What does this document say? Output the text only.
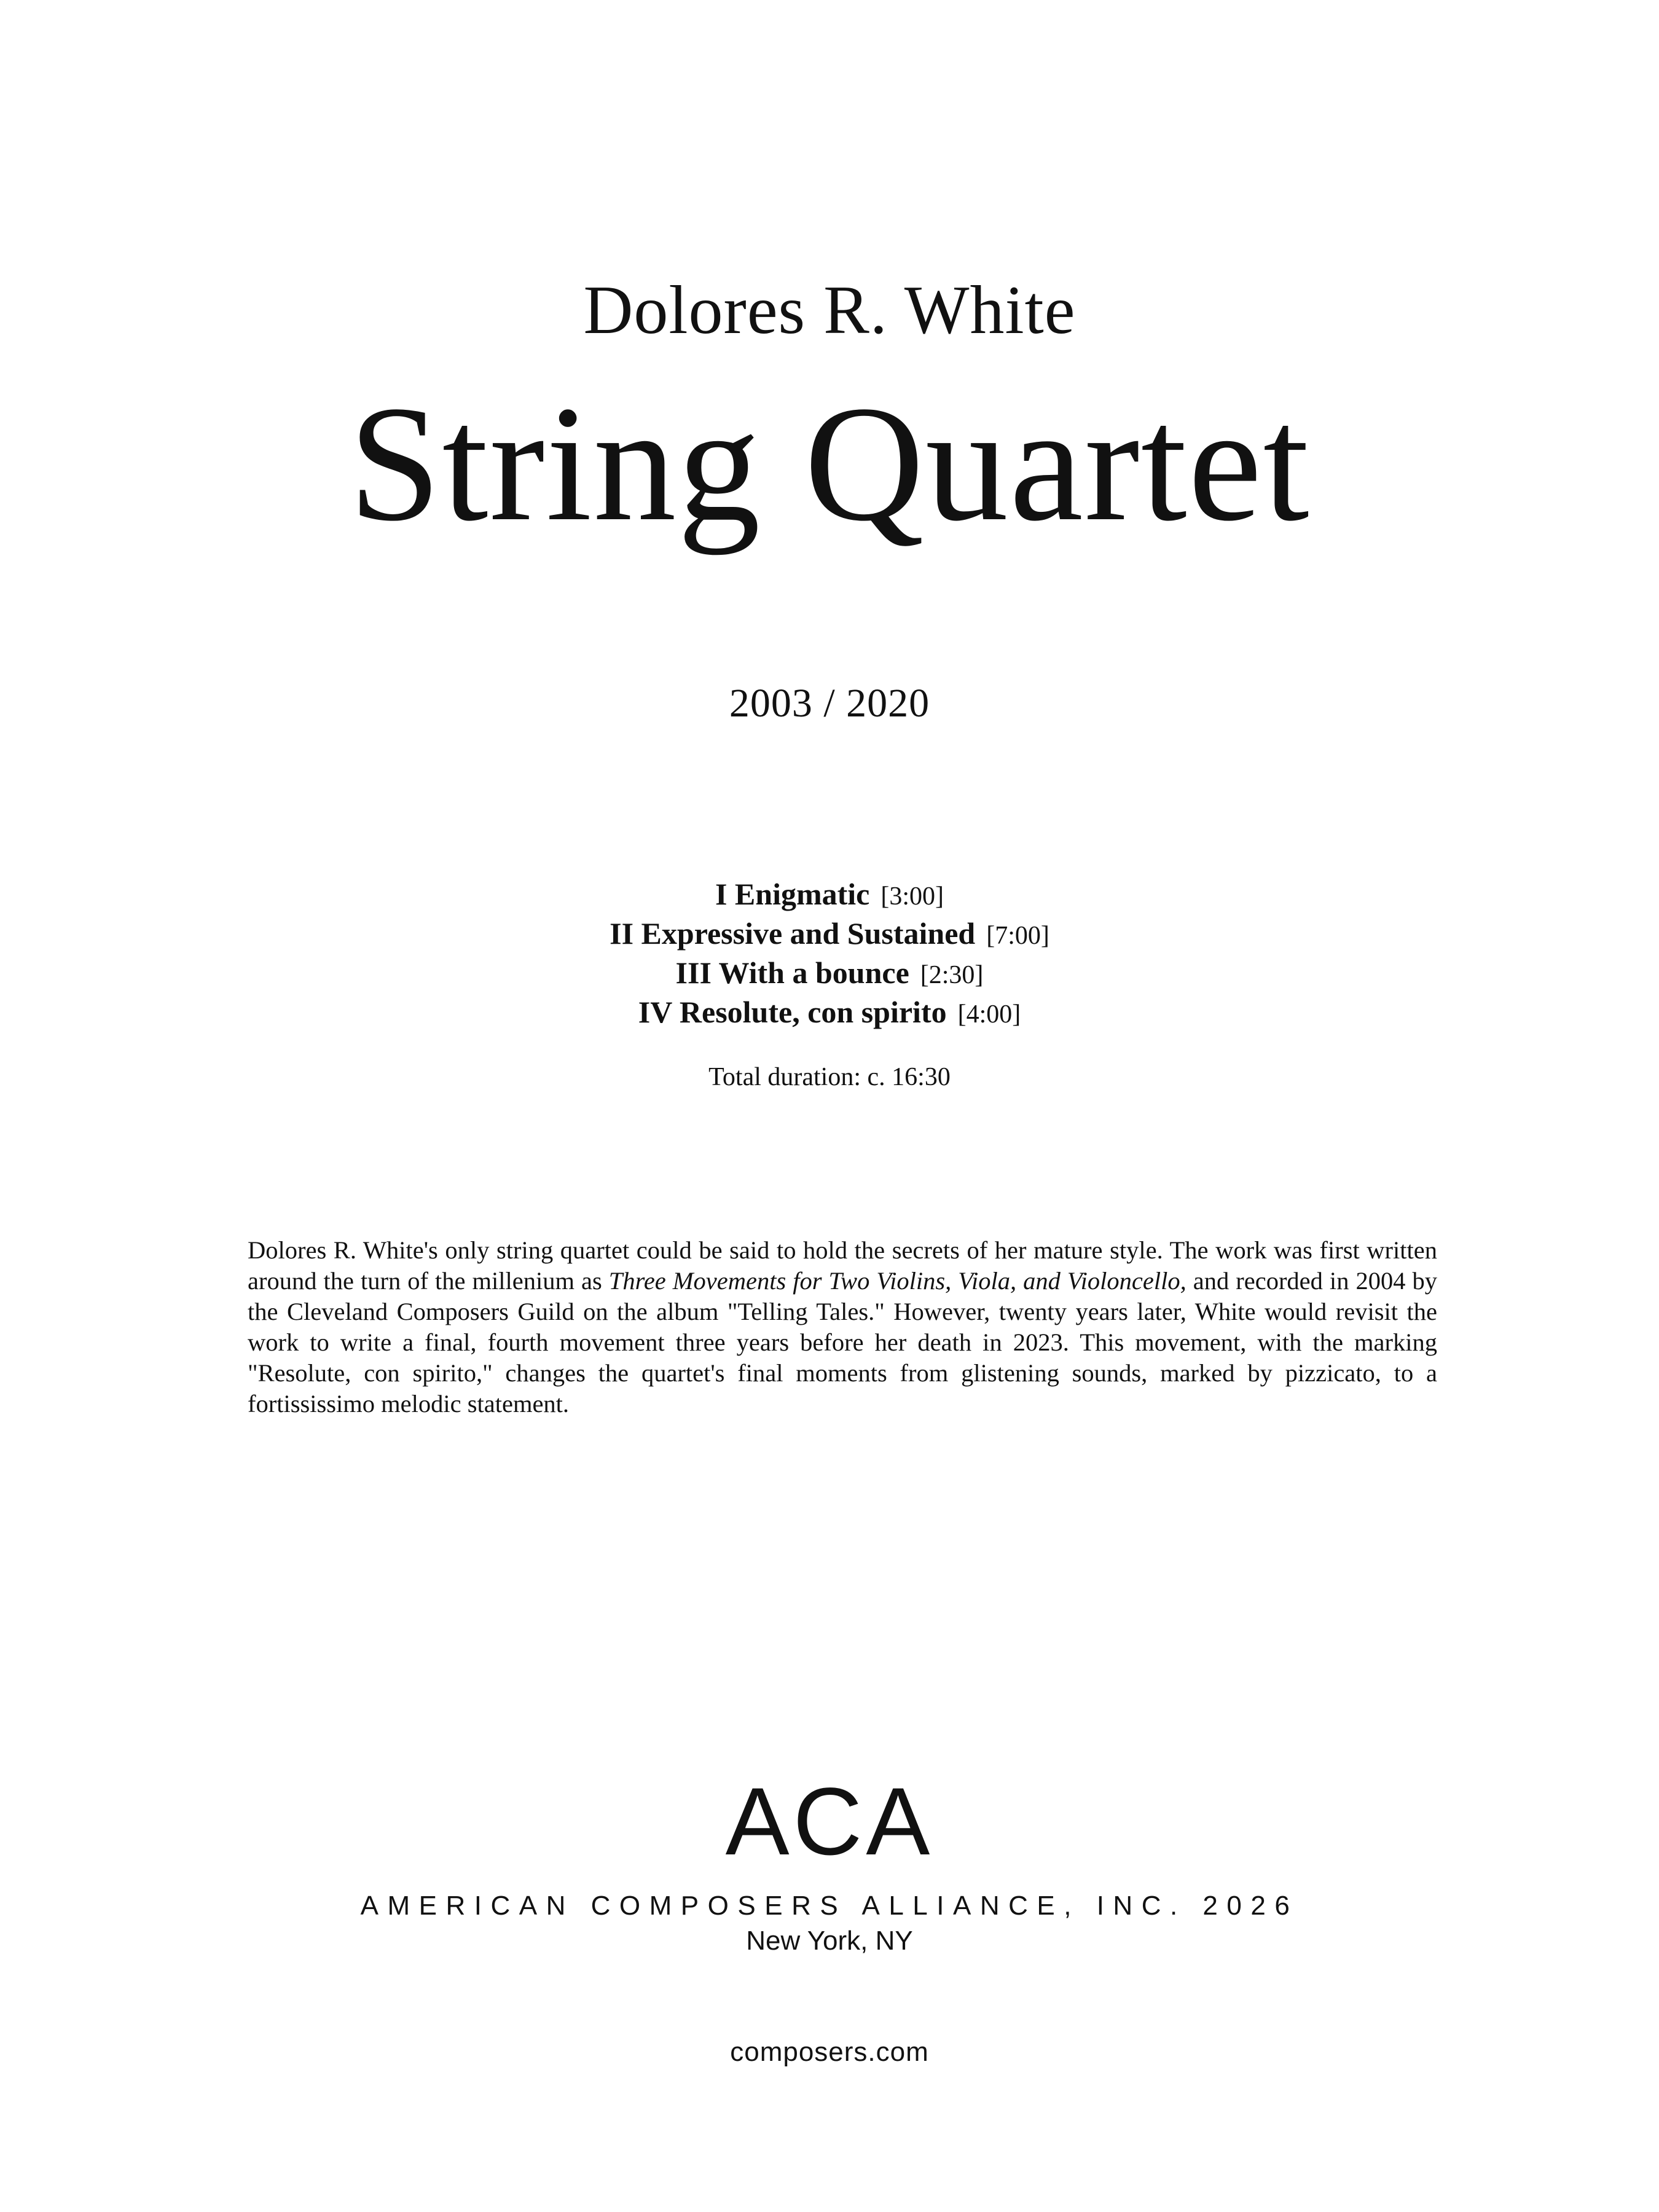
Dolores R. White
String Quartet
2003 / 2020
I Enigmatic [3:00]
II Expressive and Sustained [7:00]
III With a bounce [2:30]
IV Resolute, con spirito [4:00]
Total duration: c. 16:30
Dolores R. White's only string quartet could be said to hold the secrets of her mature style. The work was first written around the turn of the millenium as Three Movements for Two Violins, Viola, and Violoncello, and recorded in 2004 by the Cleveland Composers Guild on the album "Telling Tales." However, twenty years later, White would revisit the work to write a final, fourth movement three years before her death in 2023. This movement, with the marking "Resolute, con spirito," changes the quartet's final moments from glistening sounds, marked by pizzicato, to a fortississimo melodic statement.
ACA
AMERICAN COMPOSERS ALLIANCE, INC. 2026
New York, NY
composers.com
